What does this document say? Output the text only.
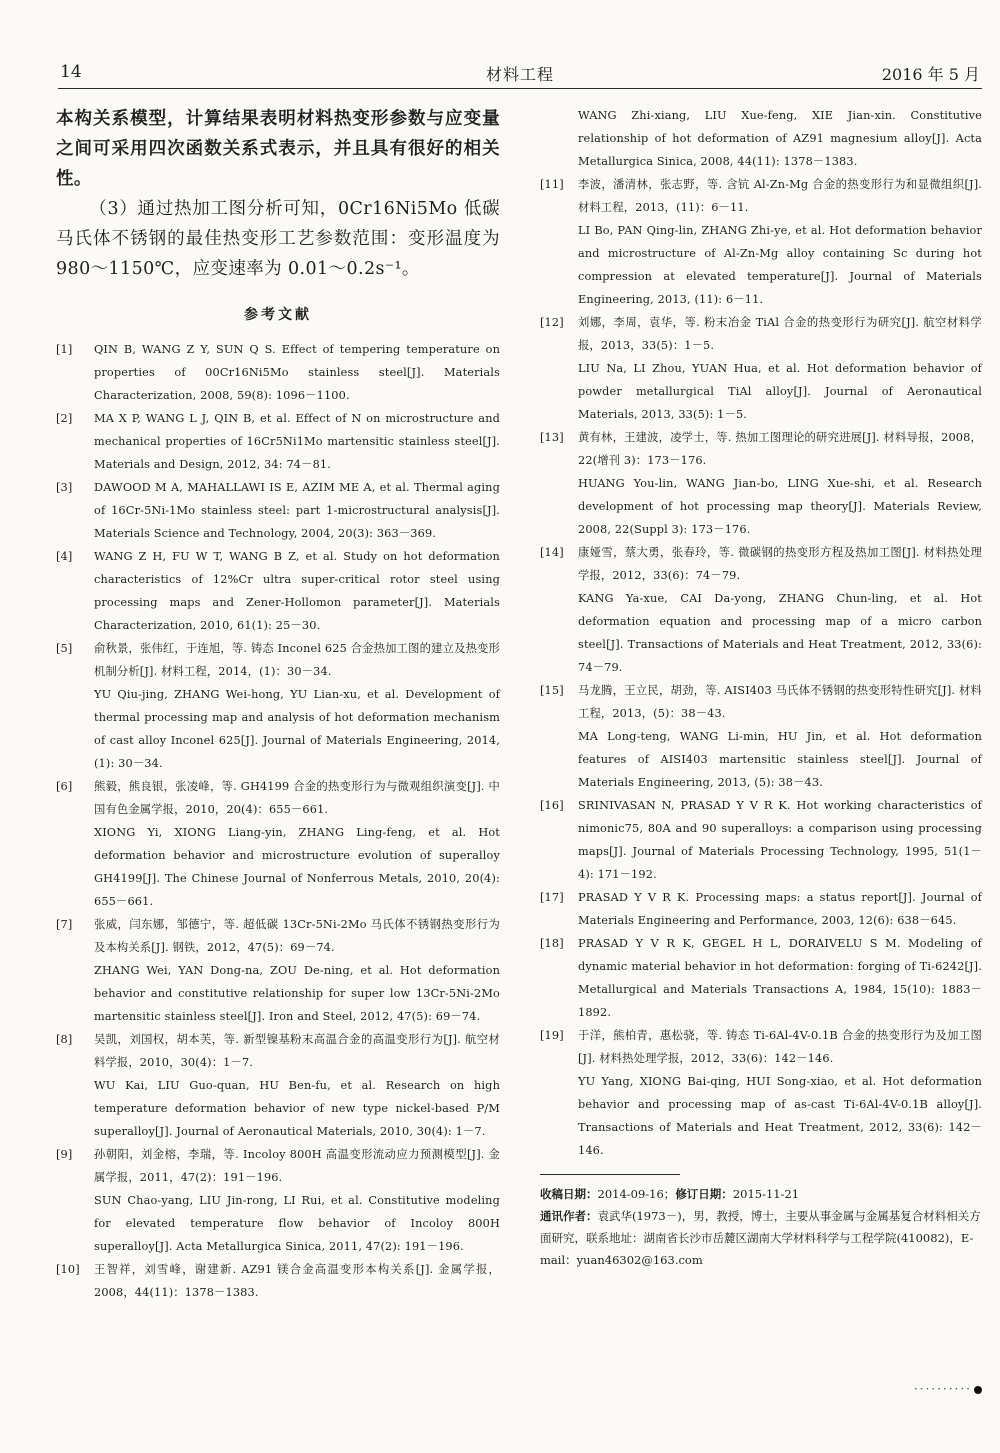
14	材料工程	2016 年 5 月

本构关系模型，计算结果表明材料热变形参数与应变量之间可采用四次函数关系式表示，并且具有很好的相关性。

（3）通过热加工图分析可知，0Cr16Ni5Mo 低碳马氏体不锈钢的最佳热变形工艺参数范围：变形温度为 980～1150℃，应变速率为 0.01～0.2s⁻¹。

参考文献
[1]	QIN B, WANG Z Y, SUN Q S. Effect of tempering temperature on properties of 00Cr16Ni5Mo stainless steel[J]. Materials Characterization, 2008, 59(8): 1096－1100.
[2]	MA X P, WANG L J, QIN B, et al. Effect of N on microstructure and mechanical properties of 16Cr5Ni1Mo martensitic stainless steel[J]. Materials and Design, 2012, 34: 74－81.
[3]	DAWOOD M A, MAHALLAWI IS E, AZIM ME A, et al. Thermal aging of 16Cr-5Ni-1Mo stainless steel: part 1-microstructural analysis[J]. Materials Science and Technology, 2004, 20(3): 363－369.
[4]	WANG Z H, FU W T, WANG B Z, et al. Study on hot deformation characteristics of 12%Cr ultra super-critical rotor steel using processing maps and Zener-Hollomon parameter[J]. Materials Characterization, 2010, 61(1): 25－30.
[5]	俞秋景，张伟红，于连旭，等. 铸态 Inconel 625 合金热加工图的建立及热变形机制分析[J]. 材料工程，2014，(1)：30－34.
YU Qiu-jing, ZHANG Wei-hong, YU Lian-xu, et al. Development of thermal processing map and analysis of hot deformation mechanism of cast alloy Inconel 625[J]. Journal of Materials Engineering, 2014, (1): 30－34.
[6]	熊毅，熊良银，张凌峰，等. GH4199 合金的热变形行为与微观组织演变[J]. 中国有色金属学报，2010，20(4)：655－661.
XIONG Yi, XIONG Liang-yin, ZHANG Ling-feng, et al. Hot deformation behavior and microstructure evolution of superalloy GH4199[J]. The Chinese Journal of Nonferrous Metals, 2010, 20(4): 655－661.
[7]	张威，闫东娜，邹德宁，等. 超低碳 13Cr-5Ni-2Mo 马氏体不锈钢热变形行为及本构关系[J]. 钢铁，2012，47(5)：69－74.
ZHANG Wei, YAN Dong-na, ZOU De-ning, et al. Hot deformation behavior and constitutive relationship for super low 13Cr-5Ni-2Mo martensitic stainless steel[J]. Iron and Steel, 2012, 47(5): 69－74.
[8]	吴凯，刘国权，胡本芙，等. 新型镍基粉末高温合金的高温变形行为[J]. 航空材料学报，2010，30(4)：1－7.
WU Kai, LIU Guo-quan, HU Ben-fu, et al. Research on high temperature deformation behavior of new type nickel-based P/M superalloy[J]. Journal of Aeronautical Materials, 2010, 30(4): 1－7.
[9]	孙朝阳，刘金榕，李瑞，等. Incoloy 800H 高温变形流动应力预测模型[J]. 金属学报，2011，47(2)：191－196.
SUN Chao-yang, LIU Jin-rong, LI Rui, et al. Constitutive modeling for elevated temperature flow behavior of Incoloy 800H superalloy[J]. Acta Metallurgica Sinica, 2011, 47(2): 191－196.
[10]	王智祥，刘雪峰，谢建新. AZ91 镁合金高温变形本构关系[J]. 金属学报，2008，44(11)：1378－1383.
WANG Zhi-xiang, LIU Xue-feng, XIE Jian-xin. Constitutive relationship of hot deformation of AZ91 magnesium alloy[J]. Acta Metallurgica Sinica, 2008, 44(11): 1378－1383.
[11]	李波，潘清林，张志野，等. 含钪 Al-Zn-Mg 合金的热变形行为和显微组织[J]. 材料工程，2013，(11)：6－11.
LI Bo, PAN Qing-lin, ZHANG Zhi-ye, et al. Hot deformation behavior and microstructure of Al-Zn-Mg alloy containing Sc during hot compression at elevated temperature[J]. Journal of Materials Engineering, 2013, (11): 6－11.
[12]	刘娜，李周，袁华，等. 粉末冶金 TiAl 合金的热变形行为研究[J]. 航空材料学报，2013，33(5)：1－5.
LIU Na, LI Zhou, YUAN Hua, et al. Hot deformation behavior of powder metallurgical TiAl alloy[J]. Journal of Aeronautical Materials, 2013, 33(5): 1－5.
[13]	黄有林，王建波，凌学士，等. 热加工图理论的研究进展[J]. 材料导报，2008，22(增刊 3)：173－176.
HUANG You-lin, WANG Jian-bo, LING Xue-shi, et al. Research development of hot processing map theory[J]. Materials Review, 2008, 22(Suppl 3): 173－176.
[14]	康娅雪，蔡大勇，张春玲，等. 微碳钢的热变形方程及热加工图[J]. 材料热处理学报，2012，33(6)：74－79.
KANG Ya-xue, CAI Da-yong, ZHANG Chun-ling, et al. Hot deformation equation and processing map of a micro carbon steel[J]. Transactions of Materials and Heat Treatment, 2012, 33(6): 74－79.
[15]	马龙腾，王立民，胡劲，等. AISI403 马氏体不锈钢的热变形特性研究[J]. 材料工程，2013，(5)：38－43.
MA Long-teng, WANG Li-min, HU Jin, et al. Hot deformation features of AISI403 martensitic stainless steel[J]. Journal of Materials Engineering, 2013, (5): 38－43.
[16]	SRINIVASAN N, PRASAD Y V R K. Hot working characteristics of nimonic75, 80A and 90 superalloys: a comparison using processing maps[J]. Journal of Materials Processing Technology, 1995, 51(1－4): 171－192.
[17]	PRASAD Y V R K. Processing maps: a status report[J]. Journal of Materials Engineering and Performance, 2003, 12(6): 638－645.
[18]	PRASAD Y V R K, GEGEL H L, DORAIVELU S M. Modeling of dynamic material behavior in hot deformation: forging of Ti-6242[J]. Metallurgical and Materials Transactions A, 1984, 15(10): 1883－1892.
[19]	于洋，熊柏青，惠松骁，等. 铸态 Ti-6Al-4V-0.1B 合金的热变形行为及加工图[J]. 材料热处理学报，2012，33(6)：142－146.
YU Yang, XIONG Bai-qing, HUI Song-xiao, et al. Hot deformation behavior and processing map of as-cast Ti-6Al-4V-0.1B alloy[J]. Transactions of Materials and Heat Treatment, 2012, 33(6): 142－146.
收稿日期：2014-09-16；修订日期：2015-11-21
通讯作者：袁武华(1973－)，男，教授，博士，主要从事金属与金属基复合材料相关方面研究，联系地址：湖南省长沙市岳麓区湖南大学材料科学与工程学院(410082)，E-mail：yuan46302@163.com
··········
